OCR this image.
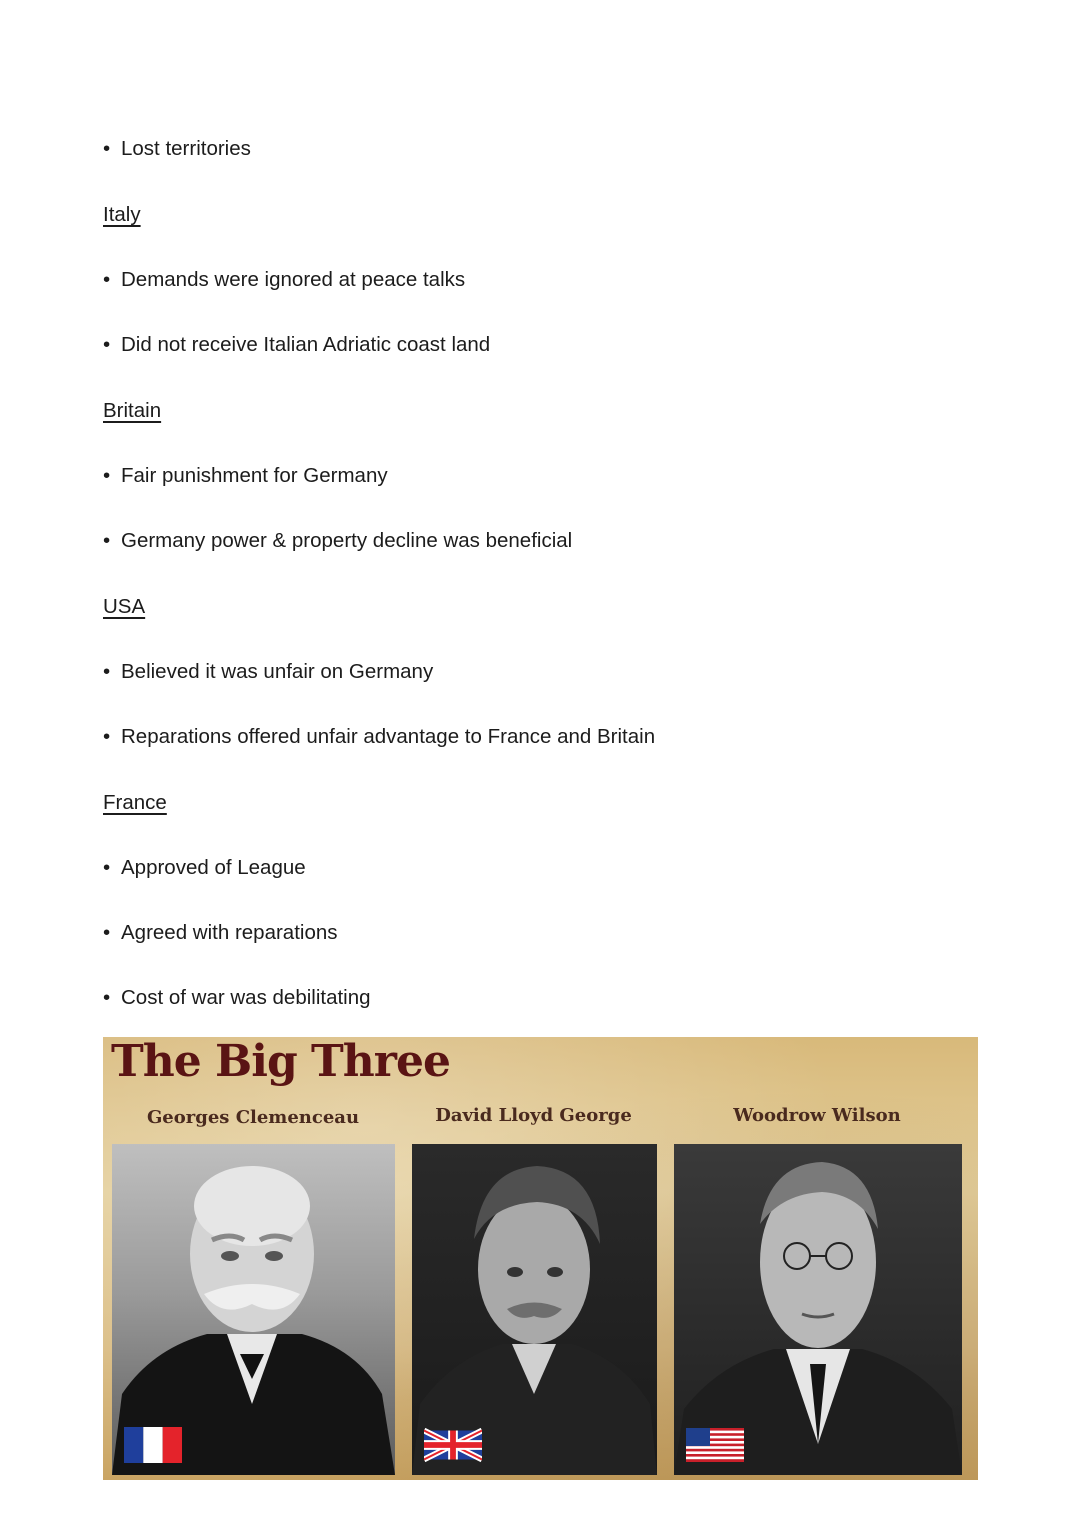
• Lost territories
Italy
• Demands were ignored at peace talks
• Did not receive Italian Adriatic coast land
Britain
• Fair punishment for Germany
• Germany power & property decline was beneficial
USA
• Believed it was unfair on Germany
• Reparations offered unfair advantage to France and Britain
France
• Approved of League
• Agreed with reparations
• Cost of war was debilitating
The Big Three
Georges Clemenceau	David Lloyd George	Woodrow Wilson
